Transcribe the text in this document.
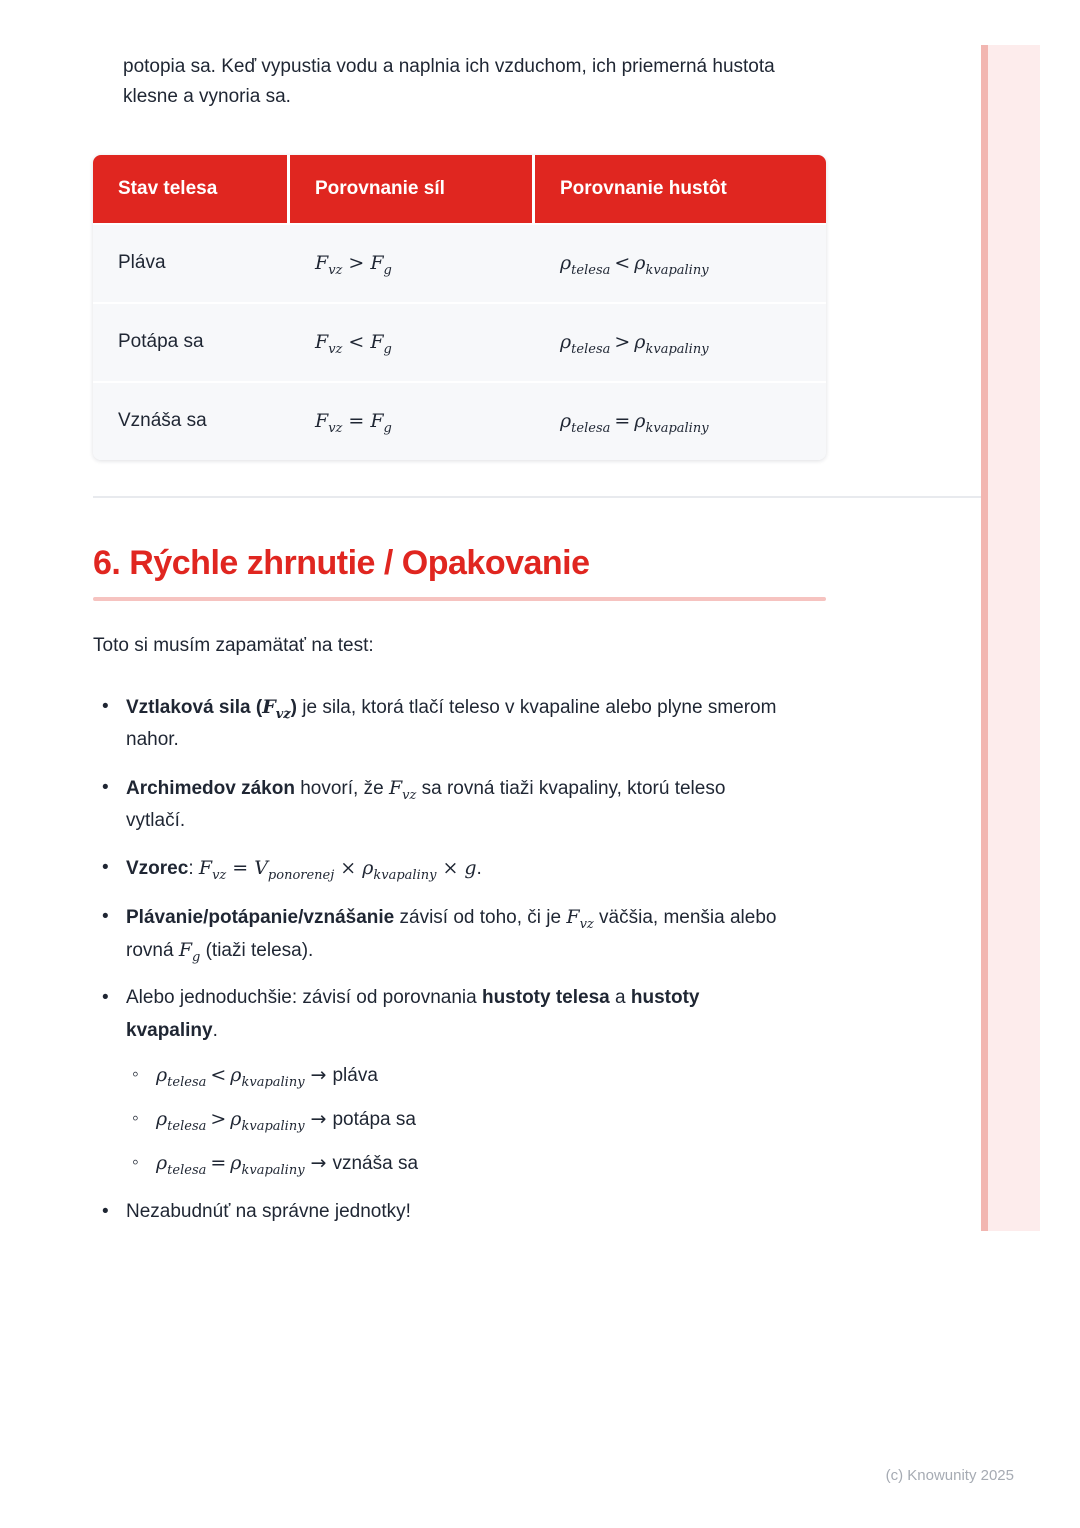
potopia sa. Keď vypustia vodu a naplnia ich vzduchom, ich priemerná hustota klesne a vynoria sa.

Stav telesa	Porovnanie síl	Porovnanie hustôt
Pláva	$F_{vz} > F_g$	$\rho_{telesa} < \rho_{kvapaliny}$
Potápa sa	$F_{vz} < F_g$	$\rho_{telesa} > \rho_{kvapaliny}$
Vznáša sa	$F_{vz} = F_g$	$\rho_{telesa} = \rho_{kvapaliny}$
6. Rýchle zhrnutie / Opakovanie

Toto si musím zapamätať na test:

• Vztlaková sila $(F_{vz})$ je sila, ktorá tlačí teleso v kvapaline alebo plyne smerom nahor.
• Archimedov zákon hovorí, že $F_{vz}$ sa rovná tiaži kvapaliny, ktorú teleso vytlačí.
• Vzorec: $F_{vz} = V_{ponorenej} \times \rho_{kvapaliny} \times g$.
• Plávanie/potápanie/vznášanie závisí od toho, či je $F_{vz}$ väčšia, menšia alebo rovná $F_g$ (tiaži telesa).
• Alebo jednoduchšie: závisí od porovnania hustoty telesa a hustoty kvapaliny.
◦ $\rho_{telesa} < \rho_{kvapaliny}$ → pláva
◦ $\rho_{telesa} > \rho_{kvapaliny}$ → potápa sa
◦ $\rho_{telesa} = \rho_{kvapaliny}$ → vznáša sa
• Nezabudnúť na správne jednotky!
(c) Knowunity 2025
